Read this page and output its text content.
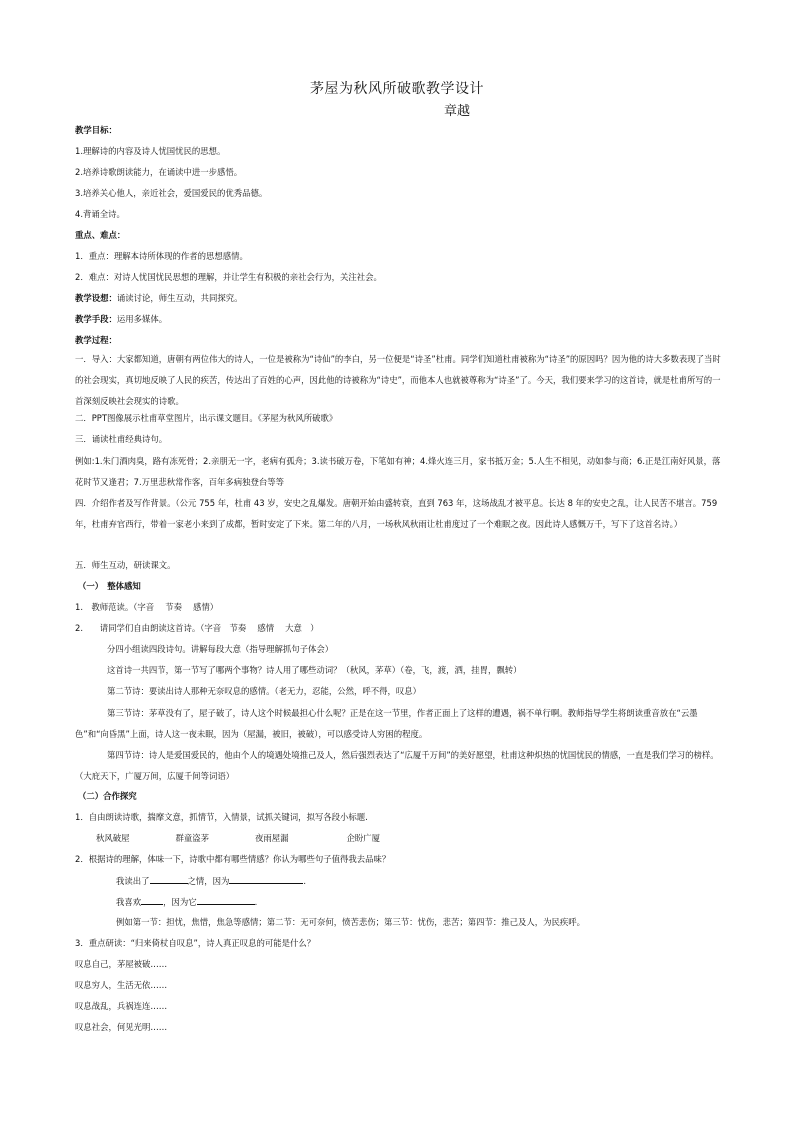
茅屋为秋风所破歌教学设计
章越
教学目标：
1.理解诗的内容及诗人忧国忧民的思想。
2.培养诗歌朗读能力，在诵读中进一步感悟。
3.培养关心他人，亲近社会，爱国爱民的优秀品德。
4.背诵全诗。
重点、难点：
1．重点：理解本诗所体现的作者的思想感情。
2．难点：对诗人忧国忧民思想的理解，并让学生有积极的亲社会行为，关注社会。
教学设想：诵读讨论，师生互动，共同探究。
教学手段：运用多媒体。
教学过程：
一．导入：大家都知道，唐朝有两位伟大的诗人，一位是被称为“诗仙”的李白，另一位便是“诗圣”杜甫。同学们知道杜甫被称为“诗圣”的原因吗？因为他的诗大多数表现了当时的社会现实，真切地反映了人民的疾苦，传达出了百姓的心声，因此他的诗被称为“诗史”，而他本人也就被尊称为“诗圣”了。今天，我们要来学习的这首诗，就是杜甫所写的一首深刻反映社会现实的诗歌。
二．PPT图像展示杜甫草堂图片，出示课文题目。《茅屋为秋风所破歌》
三．诵读杜甫经典诗句。
例如:1.朱门酒肉臭，路有冻死骨；2.亲朋无一字，老病有孤舟；3.读书破万卷，下笔如有神；4.烽火连三月，家书抵万金；5.人生不相见，动如参与商；6.正是江南好风景，落花时节又逢君；7.万里悲秋常作客，百年多病独登台等等
四．介绍作者及写作背景。（公元 755 年，杜甫 43 岁，安史之乱爆发。唐朝开始由盛转衰，直到 763 年，这场战乱才被平息。长达 8 年的安史之乱，让人民苦不堪言。759 年，杜甫弃官西行，带着一家老小来到了成都，暂时安定了下来。第二年的八月，一场秋风秋雨让杜甫度过了一个难眠之夜。因此诗人感慨万千，写下了这首名诗。）
五．师生互动，研读课文。
（一）　整体感知
1.　教师范读。（字音　 节奏　 感情）
2.　　请同学们自由朗读这首诗。（字音　节奏　 感情　 大意　）
分四小组读四段诗句。讲解每段大意（指导理解抓句子体会）
这首诗一共四节，第一节写了哪两个事物？诗人用了哪些动词？（秋风，茅草）（卷，飞，渡，洒，挂胃，飘转）
第二节诗：要读出诗人那种无奈叹息的感情。（老无力，忍能，公然，呼不得，叹息）
第三节诗：茅草没有了，屋子破了，诗人这个时候最担心什么呢？正是在这一节里，作者正面上了这样的遭遇，祸不单行啊。教师指导学生将朗读重音放在“云墨色”和“向昏黑”上面，诗人这一夜未眠，因为（屋漏，被旧，被破），可以感受诗人穷困的程度。
第四节诗：诗人是爱国爱民的，他由个人的境遇处境推己及人，然后强烈表达了“広厦千万间”的美好愿望，杜甫这种炽热的忧国忧民的情感，一直是我们学习的榜样。（大庇天下，广厦万间，広厦千间等词语）
（二）合作探究
1．自由朗读诗歌，揣摩文意，抓情节，入情景，试抓关键词，拟写各段小标题.
秋风破屋	群童盗茅	夜雨屋漏	企盼广厦
2．根据诗的理解，体味一下，诗歌中都有哪些情感？你认为哪些句子值得我去品味？
我读出了	之情，因为	.
我喜欢	，因为它	.
例如第一节：担忧，焦惜，焦急等感情；第二节：无可奈何，愤苦悲伤；第三节：忧伤，悲苦；第四节：推己及人，为民疾呼。
3．重点研读：“归来倚杖自叹息”，诗人真正叹息的可能是什么？
叹息自己，茅屋被破……
叹息穷人，生活无依……
叹息战乱，兵祸连连……
叹息社会，何见光明……
